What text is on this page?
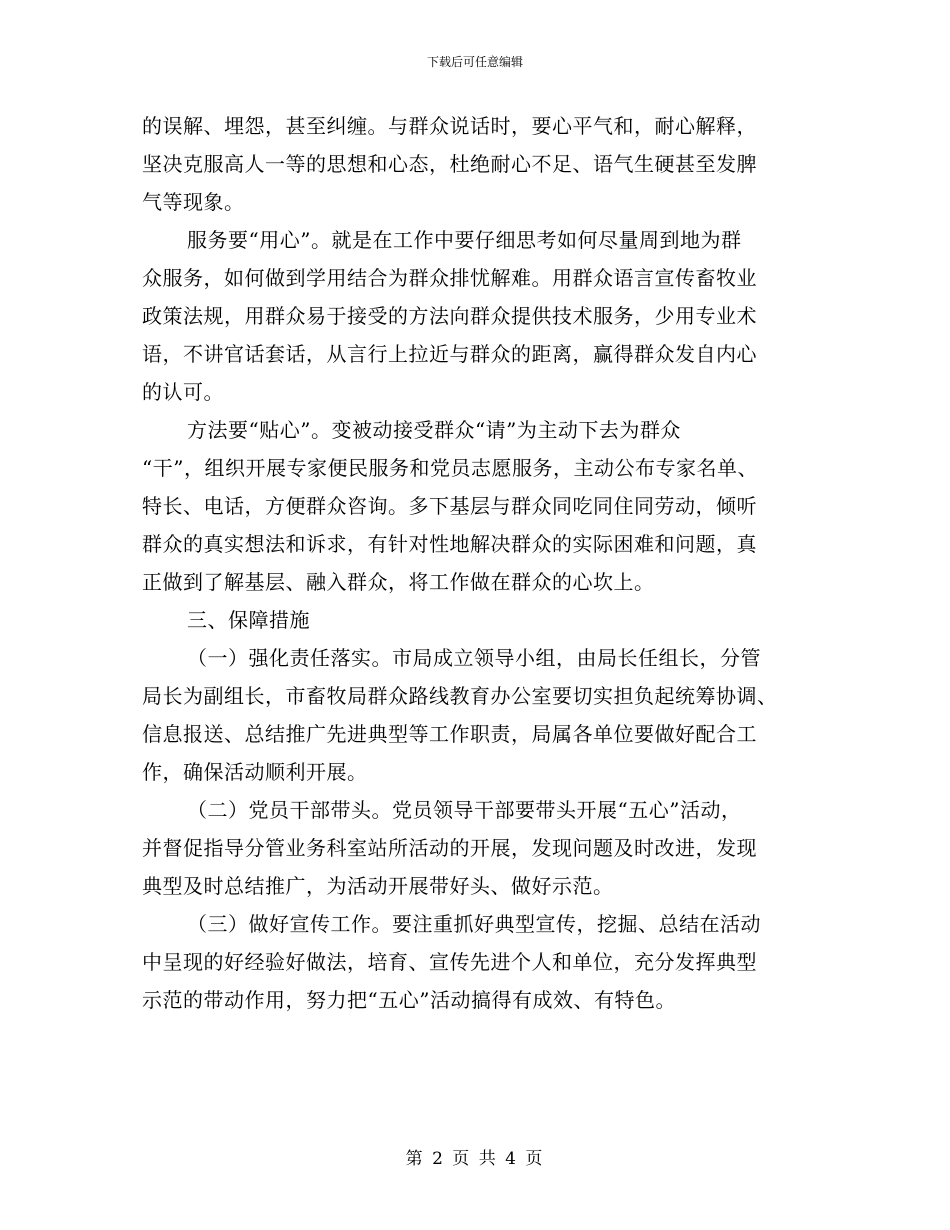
下载后可任意编辑
的误解、埋怨，甚至纠缠。与群众说话时，要心平气和，耐心解释，
坚决克服高人一等的思想和心态，杜绝耐心不足、语气生硬甚至发脾
气等现象。
服务要“用心”。就是在工作中要仔细思考如何尽量周到地为群
众服务，如何做到学用结合为群众排忧解难。用群众语言宣传畜牧业
政策法规，用群众易于接受的方法向群众提供技术服务，少用专业术
语，不讲官话套话，从言行上拉近与群众的距离，赢得群众发自内心
的认可。
方法要“贴心”。变被动接受群众“请”为主动下去为群众
“干”，组织开展专家便民服务和党员志愿服务，主动公布专家名单、
特长、电话，方便群众咨询。多下基层与群众同吃同住同劳动，倾听
群众的真实想法和诉求，有针对性地解决群众的实际困难和问题，真
正做到了解基层、融入群众，将工作做在群众的心坎上。
三、保障措施
（一）强化责任落实。市局成立领导小组，由局长任组长，分管
局长为副组长，市畜牧局群众路线教育办公室要切实担负起统筹协调、
信息报送、总结推广先进典型等工作职责，局属各单位要做好配合工
作，确保活动顺利开展。
（二）党员干部带头。党员领导干部要带头开展“五心”活动，
并督促指导分管业务科室站所活动的开展，发现问题及时改进，发现
典型及时总结推广，为活动开展带好头、做好示范。
（三）做好宣传工作。要注重抓好典型宣传，挖掘、总结在活动
中呈现的好经验好做法，培育、宣传先进个人和单位，充分发挥典型
示范的带动作用，努力把“五心”活动搞得有成效、有特色。
第 2 页 共 4 页
